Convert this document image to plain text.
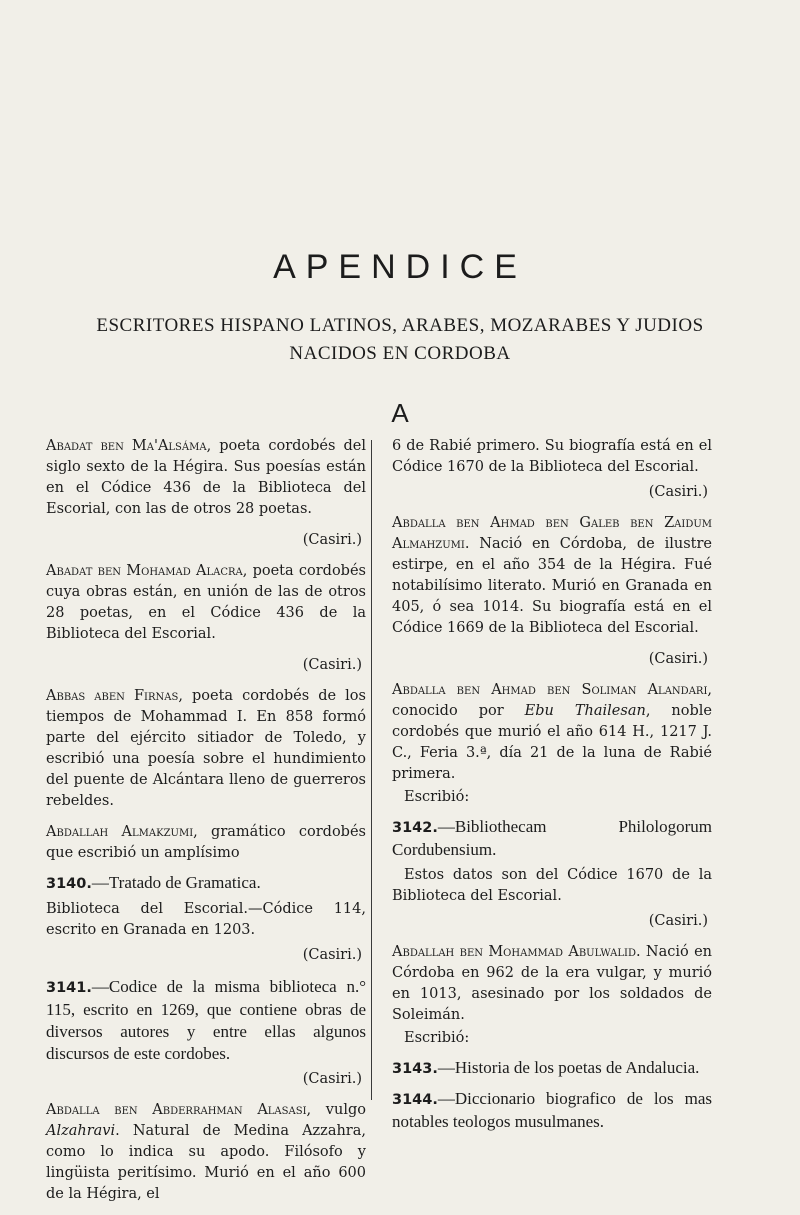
APENDICE
ESCRITORES HISPANO LATINOS, ARABES, MOZARABES Y JUDIOS
NACIDOS EN CORDOBA
A

Abadat ben Ma'Alsáma, poeta cordobés del siglo sexto de la Hégira. Sus poesías están en el Códice 436 de la Biblioteca del Escorial, con las de otros 28 poetas.

(Casiri.)

Abadat ben Mohamad Alacra, poeta cordobés cuya obras están, en unión de las de otros 28 poetas, en el Códice 436 de la Biblioteca del Escorial.

(Casiri.)

Abbas aben Firnas, poeta cordobés de los tiempos de Mohammad I. En 858 formó parte del ejército sitiador de Toledo, y escribió una poesía sobre el hundimiento del puente de Alcántara lleno de guerreros rebeldes.

Abdallah Almakzumi, gramático cordobés que escribió un amplísimo

3140.—Tratado de Gramatica.

Biblioteca del Escorial.—Códice 114, escrito en Granada en 1203.

(Casiri.)

3141.—Codice de la misma biblioteca n.° 115, escrito en 1269, que contiene obras de diversos autores y entre ellas algunos discursos de este cordobes.

(Casiri.)

Abdalla ben Abderrahman Alasasi, vulgo Alzahravi. Natural de Medina Azzahra, como lo indica su apodo. Filósofo y lingüista peritísimo. Murió en el año 600 de la Hégira, el

6 de Rabié primero. Su biografía está en el Códice 1670 de la Biblioteca del Escorial.

(Casiri.)

Abdalla ben Ahmad ben Galeb ben Zaidum Almahzumi. Nació en Córdoba, de ilustre estirpe, en el año 354 de la Hégira. Fué notabilísimo literato. Murió en Granada en 405, ó sea 1014. Su biografía está en el Códice 1669 de la Biblioteca del Escorial.

(Casiri.)

Abdalla ben Ahmad ben Soliman Alandari, conocido por Ebu Thailesan, noble cordobés que murió el año 614 H., 1217 J. C., Feria 3.ª, día 21 de la luna de Rabié primera.

Escribió:

3142.—Bibliothecam Philologorum Cordubensium.

Estos datos son del Códice 1670 de la Biblioteca del Escorial.

(Casiri.)

Abdallah ben Mohammad Abulwalid. Nació en Córdoba en 962 de la era vulgar, y murió en 1013, asesinado por los soldados de Soleimán.

Escribió:

3143.—Historia de los poetas de Andalucia.

3144.—Diccionario biografico de los mas notables teologos musulmanes.
